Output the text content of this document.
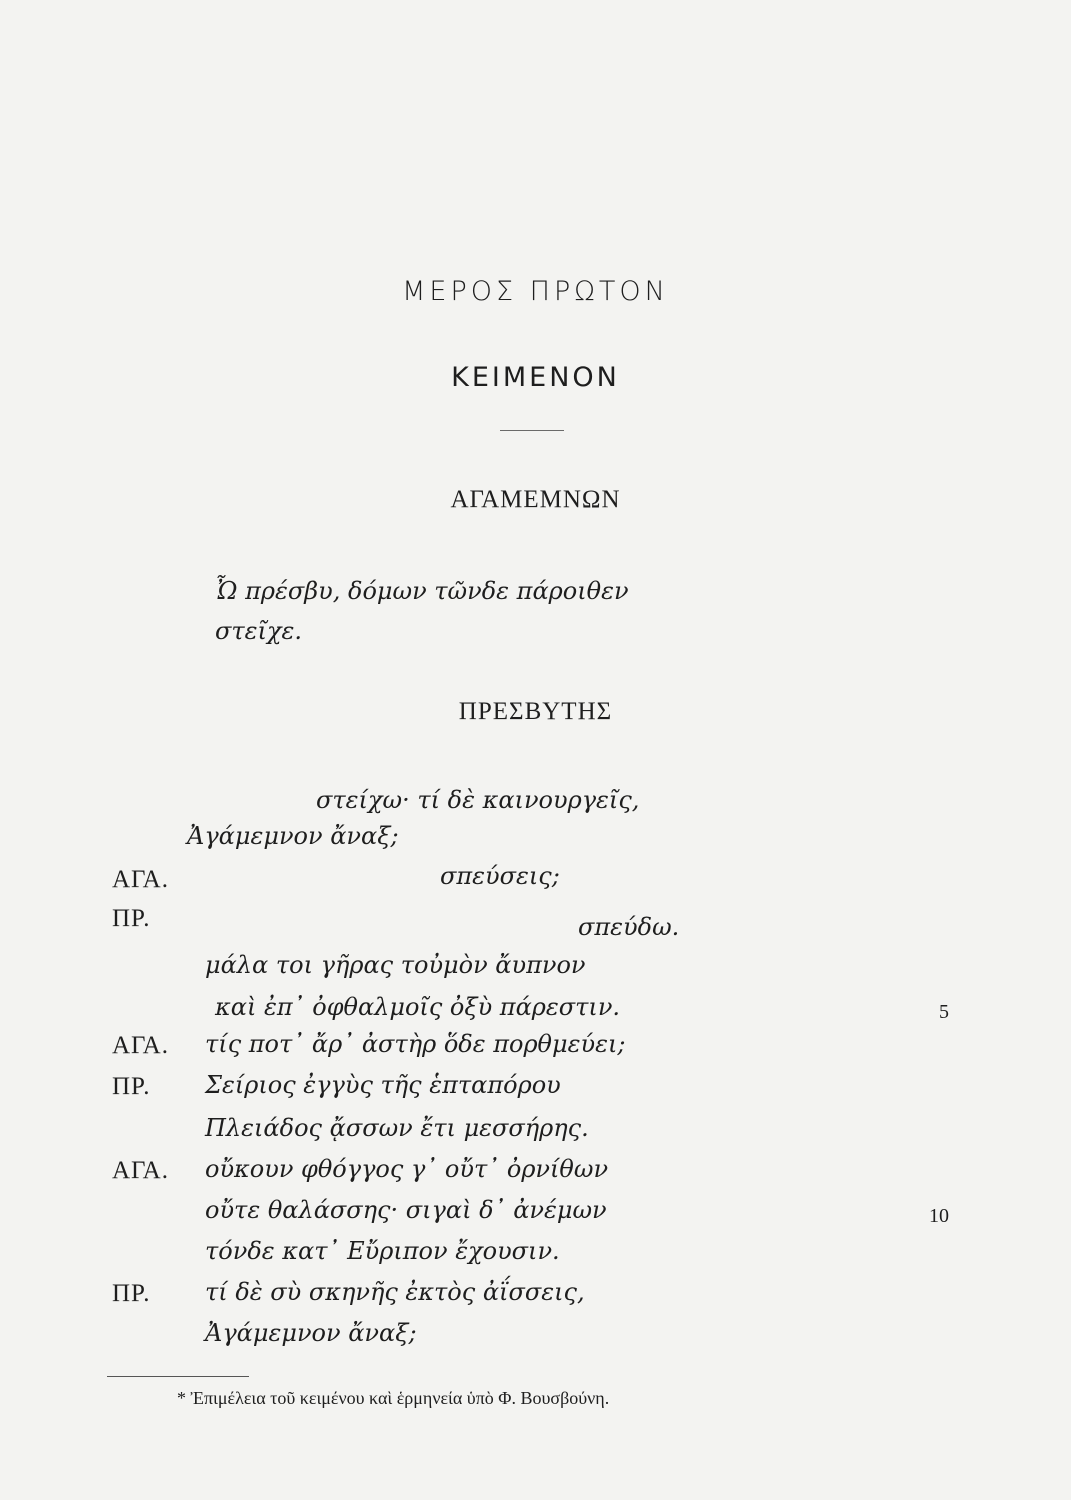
ΜΕΡΟΣ ΠΡΩΤΟΝ
ΚΕΙΜΕΝΟΝ
ΑΓΑΜΕΜΝΩΝ
Ὦ πρέσβυ, δόμων τῶνδε πάροιθεν
στεῖχε.
ΠΡΕΣΒΥΤΗΣ
στείχω· τί δὲ καινουργεῖς,
Ἀγάμεμνον ἄναξ;
ΑΓΑ.	σπεύσεις;
ΠΡ.	σπεύδω.
μάλα τοι γῆρας τοὐμὸν ἄυπνον
καὶ ἐπ᾽ ὀφθαλμοῖς ὀξὺ πάρεστιν.	5
ΑΓΑ. τίς ποτ᾽ ἄρ᾽ ἀστὴρ ὅδε πορθμεύει;
ΠΡ. Σείριος ἐγγὺς τῆς ἑπταπόρου
Πλειάδος ᾄσσων ἔτι μεσσήρης.
ΑΓΑ. οὔκουν φθόγγος γ᾽ οὔτ᾽ ὀρνίθων
οὔτε θαλάσσης· σιγαὶ δ᾽ ἀνέμων	10
τόνδε κατ᾽ Εὔριπον ἔχουσιν.
ΠΡ. τί δὲ σὺ σκηνῆς ἐκτὸς ἀΐσσεις,
Ἀγάμεμνον ἄναξ;
* Ἐπιμέλεια τοῦ κειμένου καὶ ἑρμηνεία ὑπὸ Φ. Βουσβούνη.
